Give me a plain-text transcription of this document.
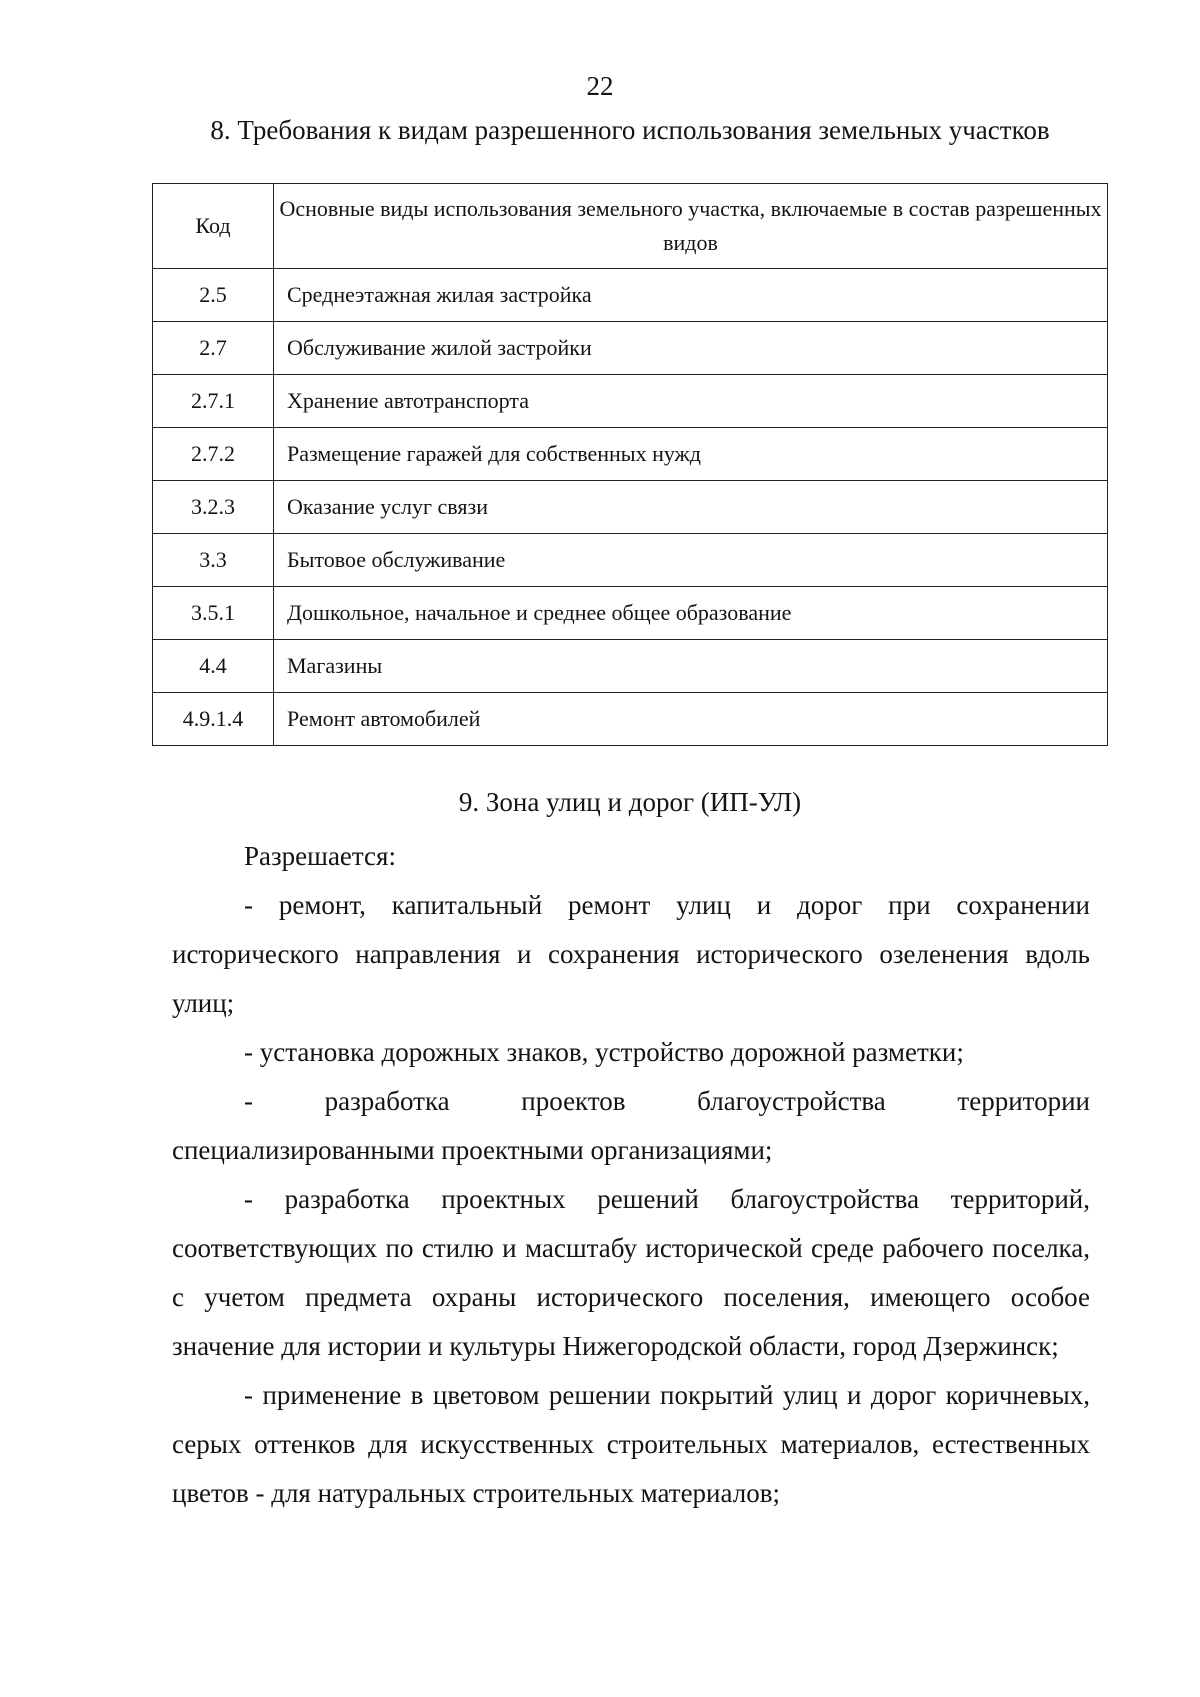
22
8. Требования к видам разрешенного использования земельных участков
Код	Основные виды использования земельного участка, включаемые в состав разрешенных видов
2.5	Среднеэтажная жилая застройка
2.7	Обслуживание жилой застройки
2.7.1	Хранение автотранспорта
2.7.2	Размещение гаражей для собственных нужд
3.2.3	Оказание услуг связи
3.3	Бытовое обслуживание
3.5.1	Дошкольное, начальное и среднее общее образование
4.4	Магазины
4.9.1.4	Ремонт автомобилей
9. Зона улиц и дорог (ИП-УЛ)

Разрешается:

- ремонт, капитальный ремонт улиц и дорог при сохранении исторического направления и сохранения исторического озеленения вдоль улиц;

- установка дорожных знаков, устройство дорожной разметки;

- разработка проектов благоустройства территории специализированными проектными организациями;

- разработка проектных решений благоустройства территорий, соответствующих по стилю и масштабу исторической среде рабочего поселка, с учетом предмета охраны исторического поселения, имеющего особое значение для истории и культуры Нижегородской области, город Дзержинск;

- применение в цветовом решении покрытий улиц и дорог коричневых, серых оттенков для искусственных строительных материалов, естественных цветов - для натуральных строительных материалов;
